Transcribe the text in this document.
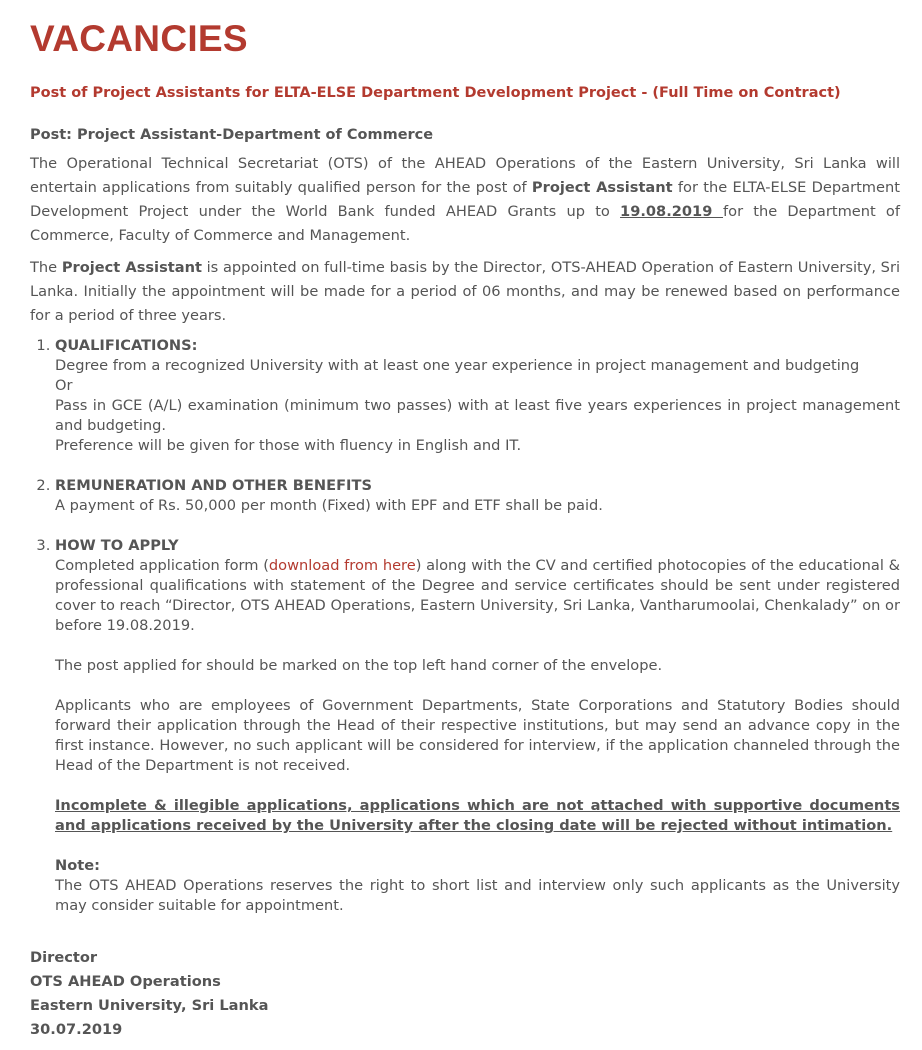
VACANCIES
Post of Project Assistants for ELTA-ELSE Department Development Project - (Full Time on Contract)
Post: Project Assistant-Department of Commerce

The Operational Technical Secretariat (OTS) of the AHEAD Operations of the Eastern University, Sri Lanka will entertain applications from suitably qualified person for the post of Project Assistant for the ELTA-ELSE Department Development Project under the World Bank funded AHEAD Grants up to 19.08.2019 for the Department of Commerce, Faculty of Commerce and Management.

The Project Assistant is appointed on full-time basis by the Director, OTS-AHEAD Operation of Eastern University, Sri Lanka. Initially the appointment will be made for a period of 06 months, and may be renewed based on performance for a period of three years.

1. QUALIFICATIONS:
Degree from a recognized University with at least one year experience in project management and budgeting
Or
Pass in GCE (A/L) examination (minimum two passes) with at least five years experiences in project management and budgeting.
Preference will be given for those with fluency in English and IT.
2. REMUNERATION AND OTHER BENEFITS
A payment of Rs. 50,000 per month (Fixed) with EPF and ETF shall be paid.
3. HOW TO APPLY
Completed application form (download from here) along with the CV and certified photocopies of the educational & professional qualifications with statement of the Degree and service certificates should be sent under registered cover to reach “Director, OTS AHEAD Operations, Eastern University, Sri Lanka, Vantharumoolai, Chenkalady” on or before 19.08.2019.
The post applied for should be marked on the top left hand corner of the envelope.
Applicants who are employees of Government Departments, State Corporations and Statutory Bodies should forward their application through the Head of their respective institutions, but may send an advance copy in the first instance. However, no such applicant will be considered for interview, if the application channeled through the Head of the Department is not received.
Incomplete & illegible applications, applications which are not attached with supportive documents and applications received by the University after the closing date will be rejected without intimation.
Note:
The OTS AHEAD Operations reserves the right to short list and interview only such applicants as the University may consider suitable for appointment.
Director
OTS AHEAD Operations
Eastern University, Sri Lanka
30.07.2019
